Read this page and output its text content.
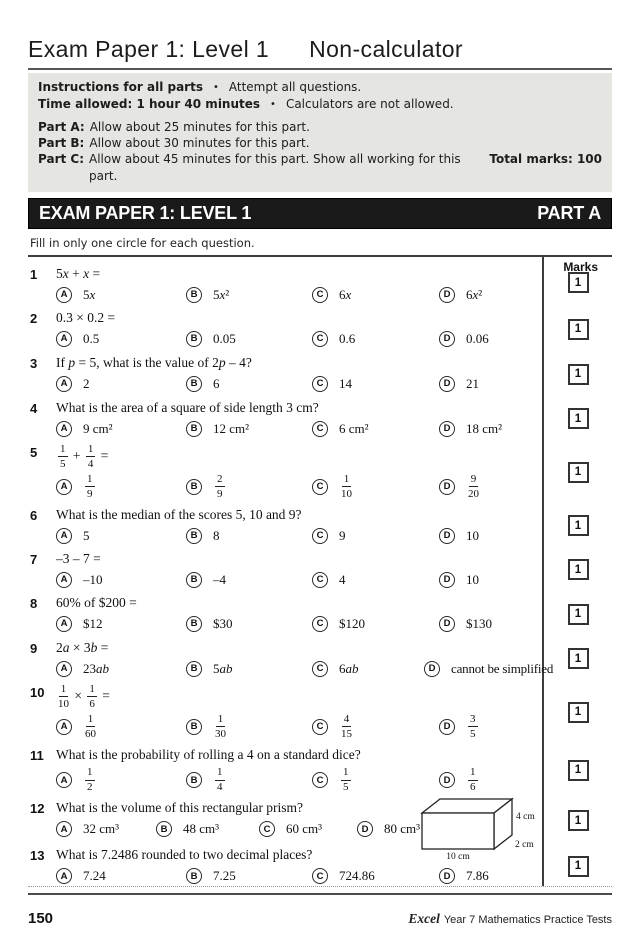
Exam Paper 1: Level 1 Non-calculator
Instructions for all parts • Attempt all questions.
Time allowed: 1 hour 40 minutes • Calculators are not allowed.
Part A: Allow about 25 minutes for this part.
Part B: Allow about 30 minutes for this part.
Part C: Allow about 45 minutes for this part. Show all working for this part.
Total marks: 100
EXAM PAPER 1: LEVEL 1	PART A
Fill in only one circle for each question.
Marks
1	5x + x =
A	5x	B	5x²	C	6x	D	6x²
1
2	0.3 × 0.2 =
A	0.5	B	0.05	C	0.6	D	0.06
1
3	If p = 5, what is the value of 2p – 4?
A	2	B	6	C	14	D	21
1
4	What is the area of a square of side length 3 cm?
A	9 cm²	B	12 cm²	C	6 cm²	D	18 cm²
1
5	$\frac{1}{5} + \frac{1}{4}$ =
A	$\frac{1}{9}$	B	$\frac{2}{9}$	C	$\frac{1}{10}$	D	$\frac{9}{20}$
1
6	What is the median of the scores 5, 10 and 9?
A	5	B	8	C	9	D	10
1
7	–3 – 7 =
A	–10	B	–4	C	4	D	10
1
8	60% of $200 =
A	$12	B	$30	C	$120	D	$130
1
9	2a × 3b =
A	23ab	B	5ab	C	6ab	D	cannot be simplified
1
10	$\frac{1}{10} \times \frac{1}{6}$ =
A	$\frac{1}{60}$	B	$\frac{1}{30}$	C	$\frac{4}{15}$	D	$\frac{3}{5}$
1
11 What is the probability of rolling a 4 on a standard dice?
A	$\frac{1}{2}$	B	$\frac{1}{4}$	C	$\frac{1}{5}$	D	$\frac{1}{6}$	1
12 What is the volume of this rectangular prism?
A	32 cm³	B	48 cm³	C	60 cm³	D	80 cm³
4 cm
2 cm
10 cm
1
13 What is 7.2486 rounded to two decimal places?
A	7.24	B	7.25	C	724.86	D	7.86
1
150	Excel Year 7 Mathematics Practice Tests
